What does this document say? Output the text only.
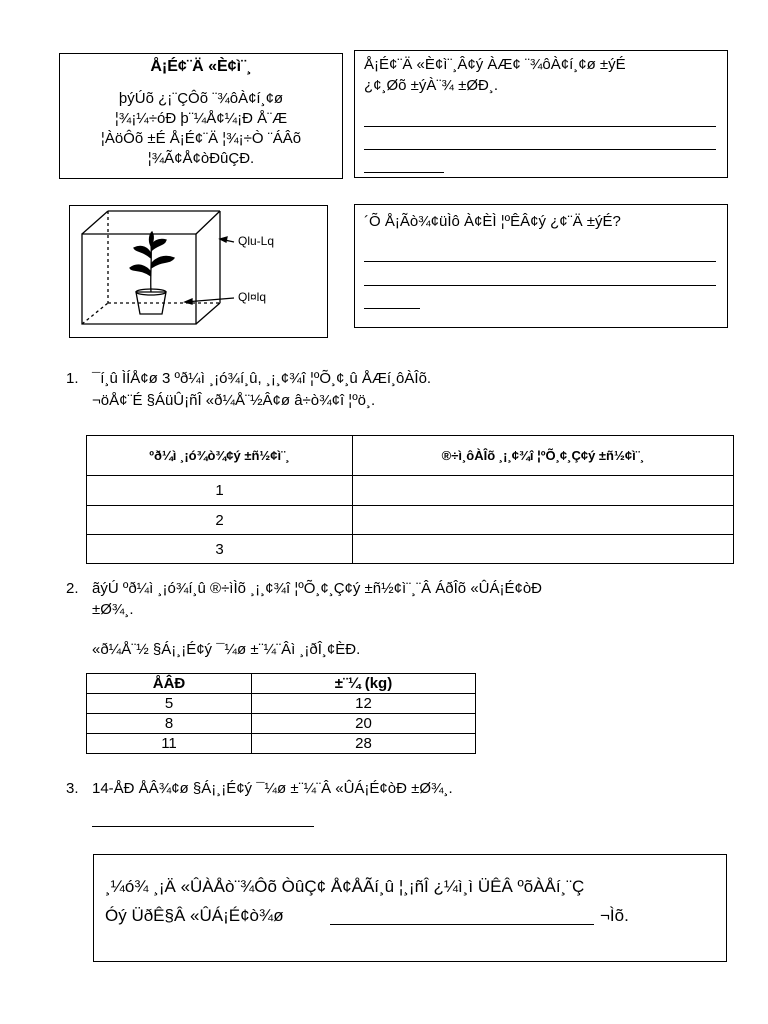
Å¡É¢¨Ä «È¢ì¨¸
þýÚõ ¿¡¨ÇÔõ ¨¾ôÀ¢í¸¢ø
¦¾¡¼÷óÐ þ¨¼Å¢¼¡Ð Å¨Æ
¦ÀöÔõ ±É Å¡É¢¨Ä ¦¾¡÷Ò ¨ÁÂõ
¦¾Ã¢Å¢òÐûÇÐ.
Å¡É¢¨Ä «È¢ì¨¸Â¢ý ÀÆ¢ ¨¾ôÀ¢í¸¢ø ±ýÉ
¿¢¸Øõ ±ýÀ¨¾ ±ØÐ¸.
Qlu-Lq
Ql¤lq
´Õ Å¡Ãò¾¢üÌô À¢ÈÌ ¦ºÊÂ¢ý ¿¢¨Ä ±ýÉ?
1. ¯í¸û ÌÍÅ¢ø 3 ºð¼ì ¸¡ó¾í¸û, ¸¡¸¢¾î ¦ºÕ¸¢¸û ÅÆí¸ôÀÎõ.
¬öÅ¢¨É §ÁüÛ¡ñÎ «ð¼Å¨½Â¢ø â÷ò¾¢î ¦ºö¸.
ºð¼ì ¸¡ó¾ò¾¢ý ±ñ½¢ì¨¸	®÷ì¸ôÀÎõ ¸¡¸¢¾î ¦ºÕ¸¢¸Ç¢ý ±ñ½¢ì¨¸
1	
2	
3	
2. ãýÚ ºð¼ì ¸¡ó¾í¸û ®÷ìÌõ ¸¡¸¢¾î ¦ºÕ¸¢¸Ç¢ý ±ñ½¢ì¨¸¨Â ÁðÎõ «ÛÁ¡É¢òÐ
±Ø¾¸.
«ð¼Å¨½ §Á¡¸¡É¢ý ¯¼ø ±¨¼¨Âì ¸¡ðÎ¸¢ÈÐ.
ÅÂÐ	±¨¼ (kg)
5	12
8	20
11	28
3. 14-ÅÐ ÅÂ¾¢ø §Á¡¸¡É¢ý ¯¼ø ±¨¼¨Â «ÛÁ¡É¢òÐ ±Ø¾¸.
¸¼ó¾ ¸¡Ä «ÛÀÅò¨¾Ôõ ÒûÇ¢ Å¢ÅÃí¸û ¦¸¡ñÎ ¿¼ì¸ì ÜÊÂ ºõÀÅí¸¨Ç
Óý ÜðÊ§Â «ÛÁ¡É¢ò¾ø	¬Ìõ.
